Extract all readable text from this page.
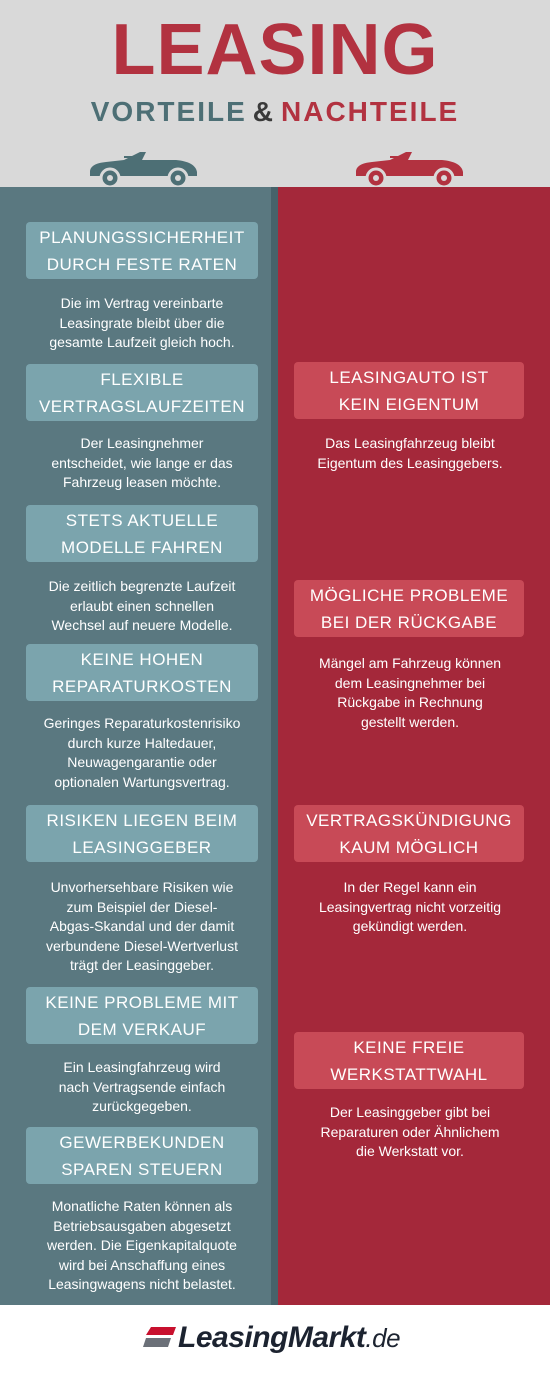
LEASING
VORTEILE & NACHTEILE
PLANUNGSSICHERHEIT
DURCH FESTE RATEN
Die im Vertrag vereinbarte
Leasingrate bleibt über die
gesamte Laufzeit gleich hoch.
FLEXIBLE
VERTRAGSLAUFZEITEN
Der Leasingnehmer
entscheidet, wie lange er das
Fahrzeug leasen möchte.
STETS AKTUELLE
MODELLE FAHREN
Die zeitlich begrenzte Laufzeit
erlaubt einen schnellen
Wechsel auf neuere Modelle.
KEINE HOHEN
REPARATURKOSTEN
Geringes Reparaturkostenrisiko
durch kurze Haltedauer,
Neuwagengarantie oder
optionalen Wartungsvertrag.
RISIKEN LIEGEN BEIM
LEASINGGEBER
Unvorhersehbare Risiken wie
zum Beispiel der Diesel-
Abgas-Skandal und der damit
verbundene Diesel-Wertverlust
trägt der Leasinggeber.
KEINE PROBLEME MIT
DEM VERKAUF
Ein Leasingfahrzeug wird
nach Vertragsende einfach
zurückgegeben.
GEWERBEKUNDEN
SPAREN STEUERN
Monatliche Raten können als
Betriebsausgaben abgesetzt
werden. Die Eigenkapitalquote
wird bei Anschaffung eines
Leasingwagens nicht belastet.
LEASINGAUTO IST
KEIN EIGENTUM
Das Leasingfahrzeug bleibt
Eigentum des Leasinggebers.
MÖGLICHE PROBLEME
BEI DER RÜCKGABE
Mängel am Fahrzeug können
dem Leasingnehmer bei
Rückgabe in Rechnung
gestellt werden.
VERTRAGSKÜNDIGUNG
KAUM MÖGLICH
In der Regel kann ein
Leasingvertrag nicht vorzeitig
gekündigt werden.
KEINE FREIE
WERKSTATTWAHL
Der Leasinggeber gibt bei
Reparaturen oder Ähnlichem
die Werkstatt vor.
LeasingMarkt.de
